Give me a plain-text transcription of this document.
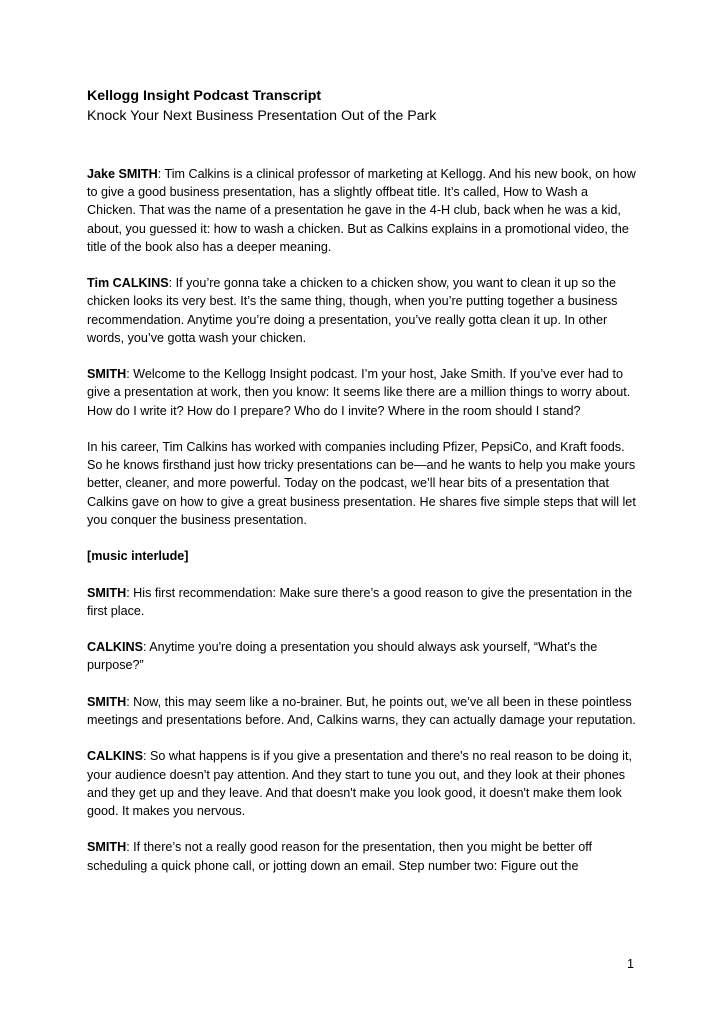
Kellogg Insight Podcast Transcript
Knock Your Next Business Presentation Out of the Park

Jake SMITH: Tim Calkins is a clinical professor of marketing at Kellogg. And his new book, on how to give a good business presentation, has a slightly offbeat title. It’s called, How to Wash a Chicken. That was the name of a presentation he gave in the 4-H club, back when he was a kid, about, you guessed it: how to wash a chicken. But as Calkins explains in a promotional video, the title of the book also has a deeper meaning.

Tim CALKINS: If you’re gonna take a chicken to a chicken show, you want to clean it up so the chicken looks its very best. It’s the same thing, though, when you’re putting together a business recommendation. Anytime you’re doing a presentation, you’ve really gotta clean it up. In other words, you’ve gotta wash your chicken.

SMITH: Welcome to the Kellogg Insight podcast. I’m your host, Jake Smith. If you’ve ever had to give a presentation at work, then you know: It seems like there are a million things to worry about. How do I write it? How do I prepare? Who do I invite? Where in the room should I stand?

In his career, Tim Calkins has worked with companies including Pfizer, PepsiCo, and Kraft foods. So he knows firsthand just how tricky presentations can be—and he wants to help you make yours better, cleaner, and more powerful. Today on the podcast, we’ll hear bits of a presentation that Calkins gave on how to give a great business presentation. He shares five simple steps that will let you conquer the business presentation.

[music interlude]

SMITH: His first recommendation: Make sure there’s a good reason to give the presentation in the first place.

CALKINS: Anytime you're doing a presentation you should always ask yourself, “What's the purpose?”

SMITH: Now, this may seem like a no-brainer. But, he points out, we’ve all been in these pointless meetings and presentations before. And, Calkins warns, they can actually damage your reputation.

CALKINS: So what happens is if you give a presentation and there's no real reason to be doing it, your audience doesn't pay attention. And they start to tune you out, and they look at their phones and they get up and they leave. And that doesn't make you look good, it doesn't make them look good. It makes you nervous.

SMITH: If there’s not a really good reason for the presentation, then you might be better off scheduling a quick phone call, or jotting down an email. Step number two: Figure out the

1
